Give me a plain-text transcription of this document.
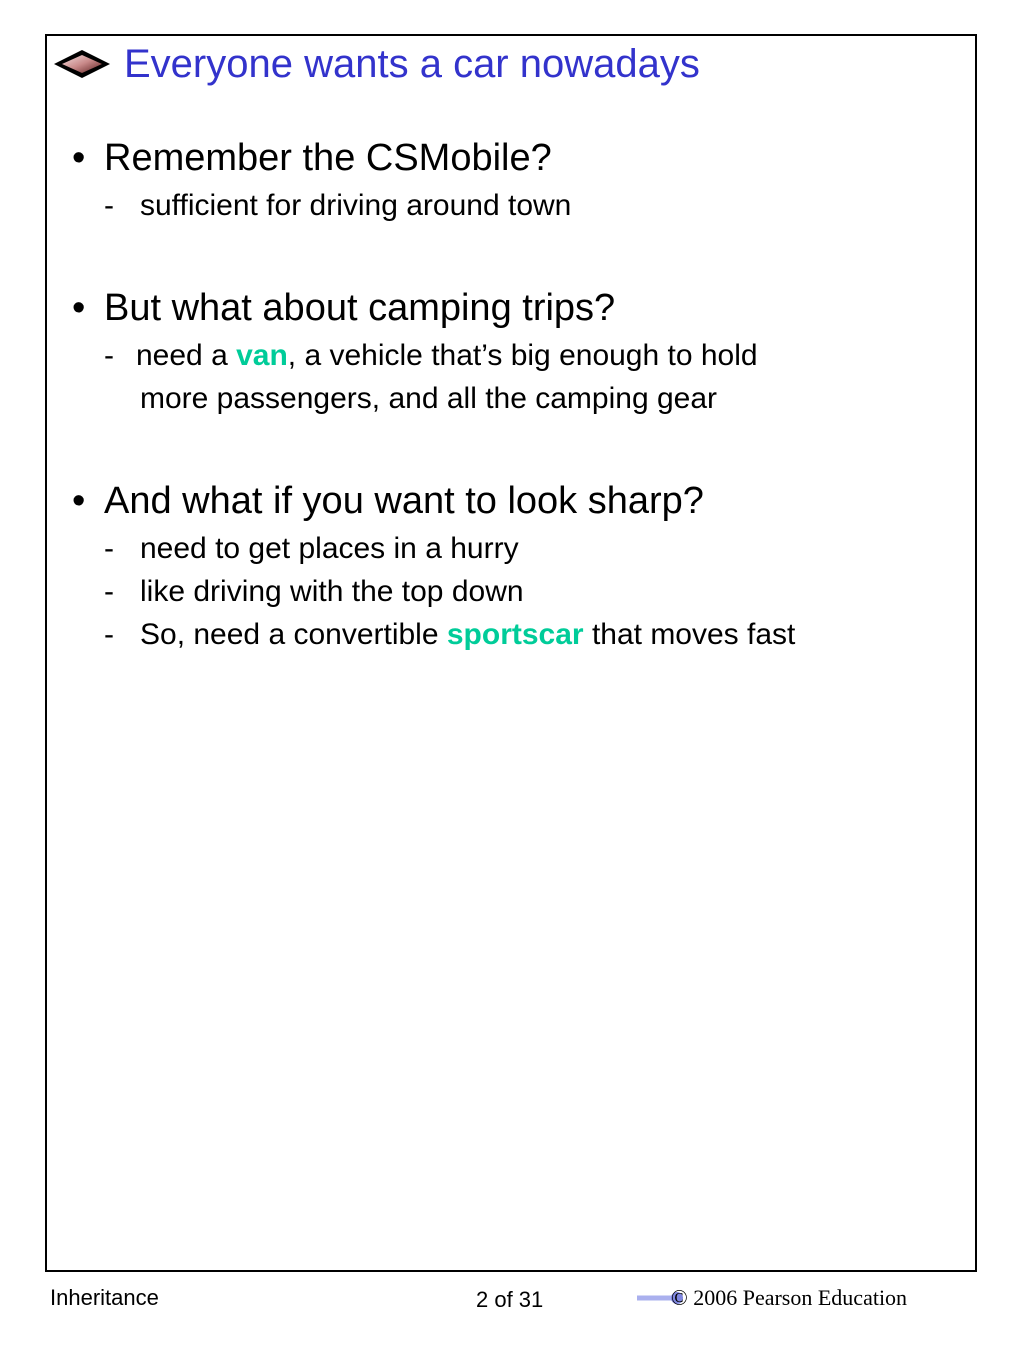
Everyone wants a car nowadays
• Remember the CSMobile?
- sufficient for driving around town
• But what about camping trips?
- need a van, a vehicle that’s big enough to hold
more passengers, and all the camping gear
• And what if you want to look sharp?
- need to get places in a hurry
- like driving with the top down
- So, need a convertible sportscar that moves fast
Inheritance	2 of 31	© 2006 Pearson Education
